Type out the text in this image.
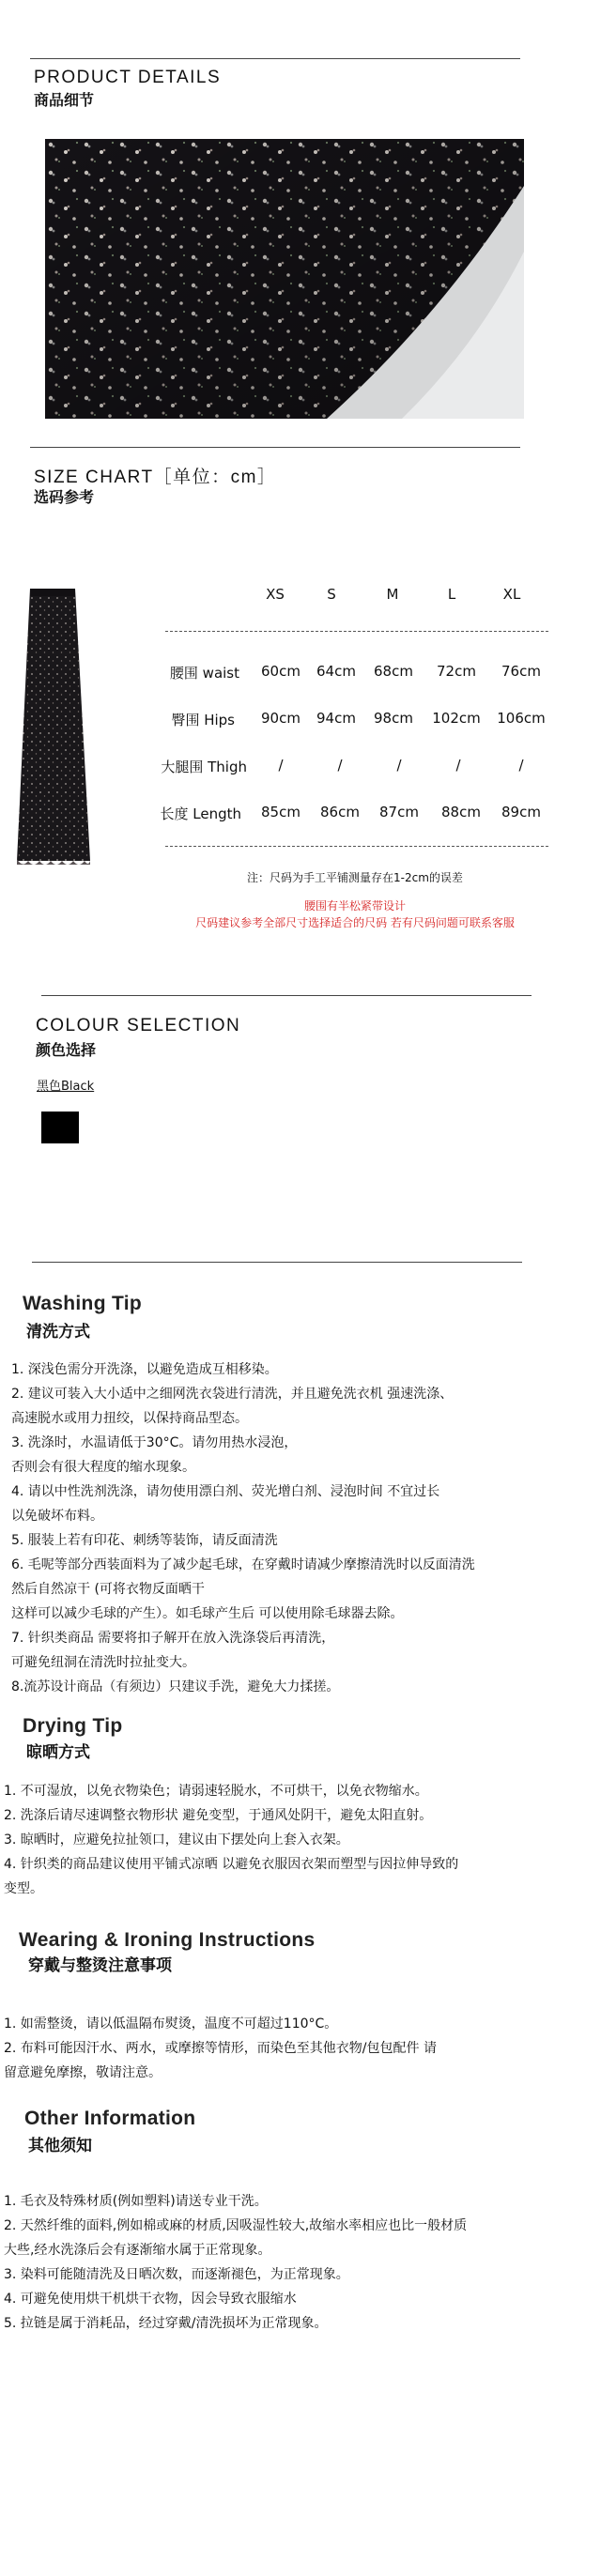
PRODUCT DETAILS
商品细节
SIZE CHART［单位：cm］
选码参考
XS	S	M	L	XL
腰围 waist	60cm	64cm	68cm	72cm	76cm
臀围 Hips	90cm	94cm	98cm	102cm	106cm
大腿围 Thigh	/	/	/	/	/
长度 Length	85cm	86cm	87cm	88cm	89cm
注：尺码为手工平铺测量存在1-2cm的误差
腰围有半松紧带设计
尺码建议参考全部尺寸选择适合的尺码 若有尺码问题可联系客服
COLOUR SELECTION
颜色选择
黑色Black
Washing Tip
清洗方式
1. 深浅色需分开洗涤，以避免造成互相移染。
2. 建议可装入大小适中之细网洗衣袋进行清洗，并且避免洗衣机 强速洗涤、
高速脱水或用力扭绞，以保持商品型态。
3. 洗涤时，水温请低于30°C。请勿用热水浸泡，
否则会有很大程度的缩水现象。
4. 请以中性洗剂洗涤，请勿使用漂白剂、荧光增白剂、浸泡时间 不宜过长
以免破坏布料。
5. 服装上若有印花、刺绣等装饰，请反面清洗
6. 毛呢等部分西装面料为了减少起毛球，在穿戴时请减少摩擦清洗时以反面清洗
然后自然凉干 (可将衣物反面晒干
这样可以减少毛球的产生）。如毛球产生后 可以使用除毛球器去除。
7. 针织类商品 需要将扣子解开在放入洗涤袋后再清洗，
可避免纽洞在清洗时拉扯变大。
8.流苏设计商品（有须边）只建议手洗，避免大力揉搓。
Drying Tip
晾晒方式
1. 不可湿放，以免衣物染色；请弱速轻脱水，不可烘干，以免衣物缩水。
2. 洗涤后请尽速调整衣物形状 避免变型，于通风处阴干，避免太阳直射。
3. 晾晒时，应避免拉扯领口，建议由下摆处向上套入衣架。
4. 针织类的商品建议使用平铺式凉晒 以避免衣服因衣架而塑型与因拉伸导致的
变型。
Wearing & Ironing Instructions
穿戴与整烫注意事项
1. 如需整烫，请以低温隔布熨烫，温度不可超过110°C。
2. 布料可能因汗水、两水，或摩擦等情形，而染色至其他衣物/包包配件 请
留意避免摩擦，敬请注意。
Other Information
其他须知
1. 毛衣及特殊材质(例如塑料)请送专业干洗。
2. 天然纤维的面料,例如棉或麻的材质,因吸湿性较大,故缩水率相应也比一般材质
大些,经水洗涤后会有逐渐缩水属于正常现象。
3. 染料可能随清洗及日晒次数，而逐渐褪色，为正常现象。
4. 可避免使用烘干机烘干衣物，因会导致衣服缩水
5. 拉链是属于消耗品，经过穿戴/清洗损坏为正常现象。
